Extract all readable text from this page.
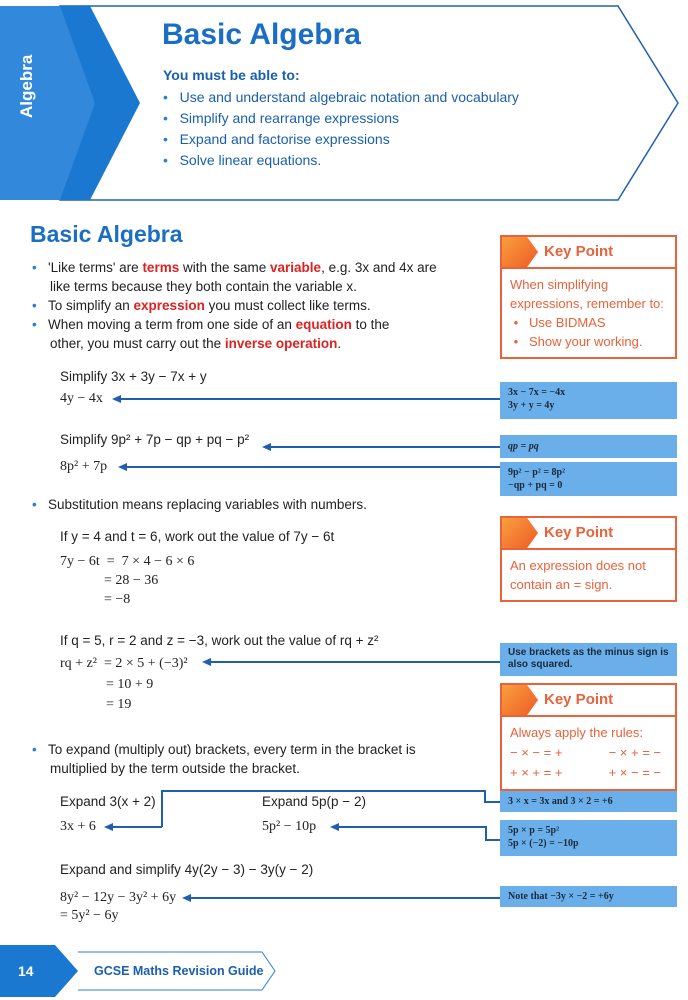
Algebra
Basic Algebra
You must be able to:
• Use and understand algebraic notation and vocabulary
• Simplify and rearrange expressions
• Expand and factorise expressions
• Solve linear equations.
Basic Algebra
• 'Like terms' are terms with the same variable, e.g. 3x and 4x are
like terms because they both contain the variable x.
• To simplify an expression you must collect like terms.
• When moving a term from one side of an equation to the
other, you must carry out the inverse operation.
Simplify 3x + 3y − 7x + y
4y − 4x
Simplify 9p² + 7p − qp + pq − p²
8p² + 7p
• Substitution means replacing variables with numbers.
If y = 4 and t = 6, work out the value of 7y − 6t
7y − 6t  =  7 × 4 − 6 × 6
= 28 − 36
= −8
If q = 5, r = 2 and z = −3, work out the value of rq + z²
rq + z²  = 2 × 5 + (−3)²
= 10 + 9
= 19
• To expand (multiply out) brackets, every term in the bracket is
multiplied by the term outside the bracket.
Expand 3(x + 2)
3x + 6
Expand 5p(p − 2)
5p² − 10p
Expand and simplify 4y(2y − 3) − 3y(y − 2)
8y² − 12y − 3y² + 6y
= 5y² − 6y
3x − 7x = −4x
3y + y = 4y
qp = pq
9p² − p² = 8p²
−qp + pq = 0
Use brackets as the minus sign is
also squared.
3 × x = 3x and 3 × 2 = +6
5p × p = 5p²
5p × (−2) = −10p
Note that −3y × −2 = +6y
Key Point
When simplifying
expressions, remember to:
•   Use BIDMAS
•   Show your working.
Key Point
An expression does not
contain an = sign.
Key Point
Always apply the rules:
− × − = +	− × + = −
+ × + = +	+ × − = −
14	GCSE Maths Revision Guide
